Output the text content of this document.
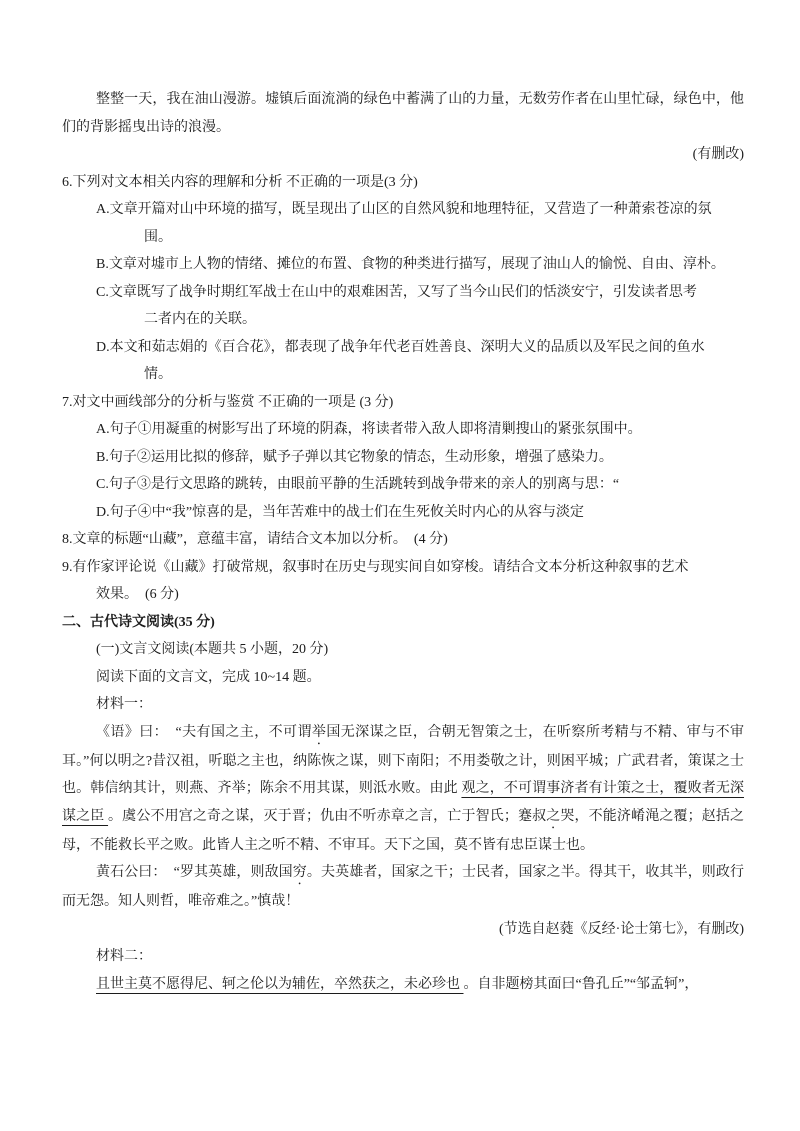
整整一天，我在油山漫游。墟镇后面流淌的绿色中蓄满了山的力量，无数劳作者在山里忙碌，绿色中，他们的背影摇曳出诗的浪漫。
(有删改)
6.下列对文本相关内容的理解和分析 不正确的一项是(3 分)
A.文章开篇对山中环境的描写，既呈现出了山区的自然风貌和地理特征，又营造了一种萧索苍凉的氛
围。
B.文章对墟市上人物的情绪、摊位的布置、食物的种类进行描写，展现了油山人的愉悦、自由、淳朴。
C.文章既写了战争时期红军战士在山中的艰难困苦，又写了当今山民们的恬淡安宁，引发读者思考
二者内在的关联。
D.本文和茹志娟的《百合花》，都表现了战争年代老百姓善良、深明大义的品质以及军民之间的鱼水
情。
7.对文中画线部分的分析与鉴赏 不正确的一项是 (3 分)
A.句子①用凝重的树影写出了环境的阴森，将读者带入敌人即将清剿搜山的紧张氛围中。
B.句子②运用比拟的修辞，赋予子弹以其它物象的情态，生动形象，增强了感染力。
C.句子③是行文思路的跳转，由眼前平静的生活跳转到战争带来的亲人的别离与思：“
D.句子④中“我”惊喜的是，当年苦难中的战士们在生死攸关时内心的从容与淡定
8.文章的标题“山藏”，意蕴丰富，请结合文本加以分析。　(4 分)
9.有作家评论说《山藏》打破常规，叙事时在历史与现实间自如穿梭。请结合文本分析这种叙事的艺术
效果。　(6 分)
二、古代诗文阅读(35 分)
(一)文言文阅读(本题共 5 小题，20 分)
阅读下面的文言文，完成 10~14 题。
材料一：
《语》曰：　“夫有国之主，不可谓举国无深谋之臣，合朝无智策之士，在听察所考精与不精、审与不审耳。”何以明之?昔汉祖，听聪之主也，纳陈恢之谋，则下南阳；不用娄敬之计，则困平城；广武君者，策谋之士也。韩信纳其计，则燕、齐举；陈余不用其谋，则泜水败。由此 观之，不可谓事济者有计策之士，覆败者无深谋之臣 。虞公不用宫之奇之谋，灭于晋；仇由不听赤章之言，亡于智氏；蹇叔之哭，不能济崤渑之覆；赵括之母，不能救长平之败。此皆人主之听不精、不审耳。天下之国，莫不皆有忠臣谋士也。
黄石公曰：　“罗其英雄，则敌国穷。夫英雄者，国家之干；士民者，国家之半。得其干，收其半，则政行而无怨。知人则哲，唯帝难之。”慎哉！
(节选自赵蕤《反经·论士第七》，有删改)
材料二：
且世主莫不愿得尼、轲之伦以为辅佐，卒然获之，未必珍也 。自非题榜其面曰“鲁孔丘”“邹孟轲”，
